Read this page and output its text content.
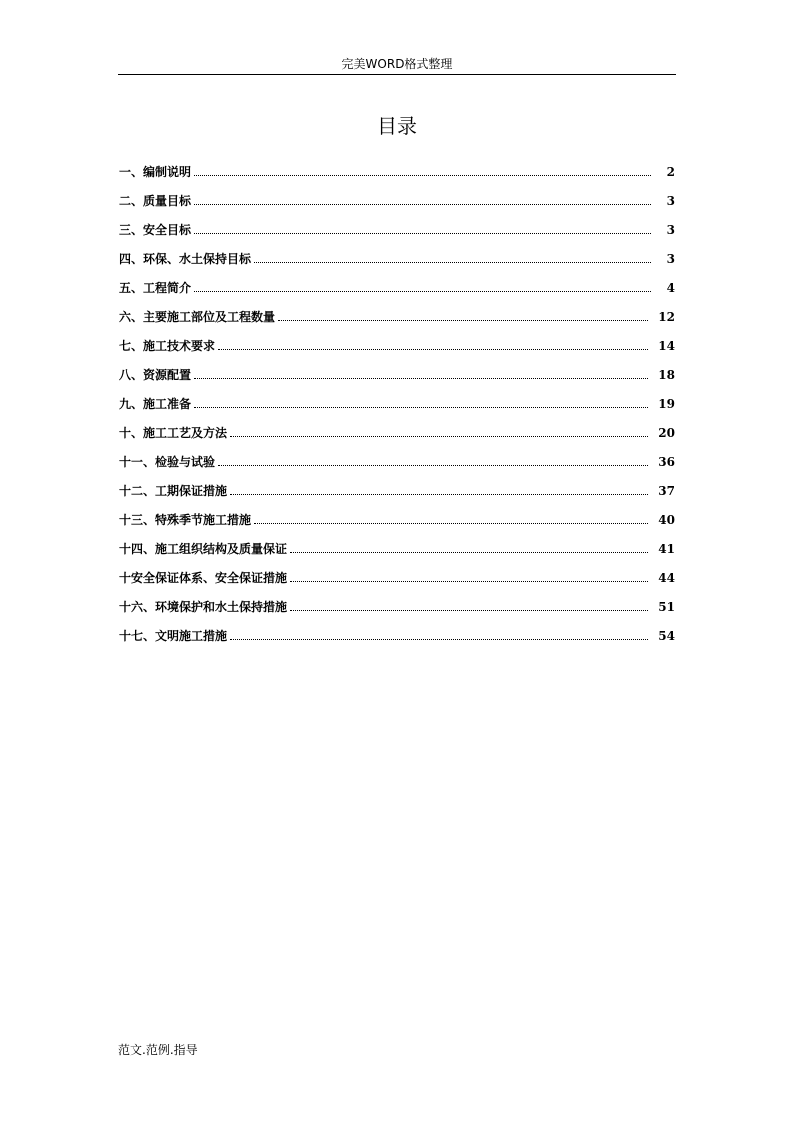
完美WORD格式整理
目录
一、编制说明	2
二、质量目标	3
三、安全目标	3
四、环保、水土保持目标	3
五、工程简介	4
六、主要施工部位及工程数量	12
七、施工技术要求	14
八、资源配置	18
九、施工准备	19
十、施工工艺及方法	20
十一、检验与试验	36
十二、工期保证措施	37
十三、特殊季节施工措施	40
十四、施工组织结构及质量保证	41
十安全保证体系、安全保证措施	44
十六、环境保护和水土保持措施	51
十七、文明施工措施	54
范文.范例.指导
